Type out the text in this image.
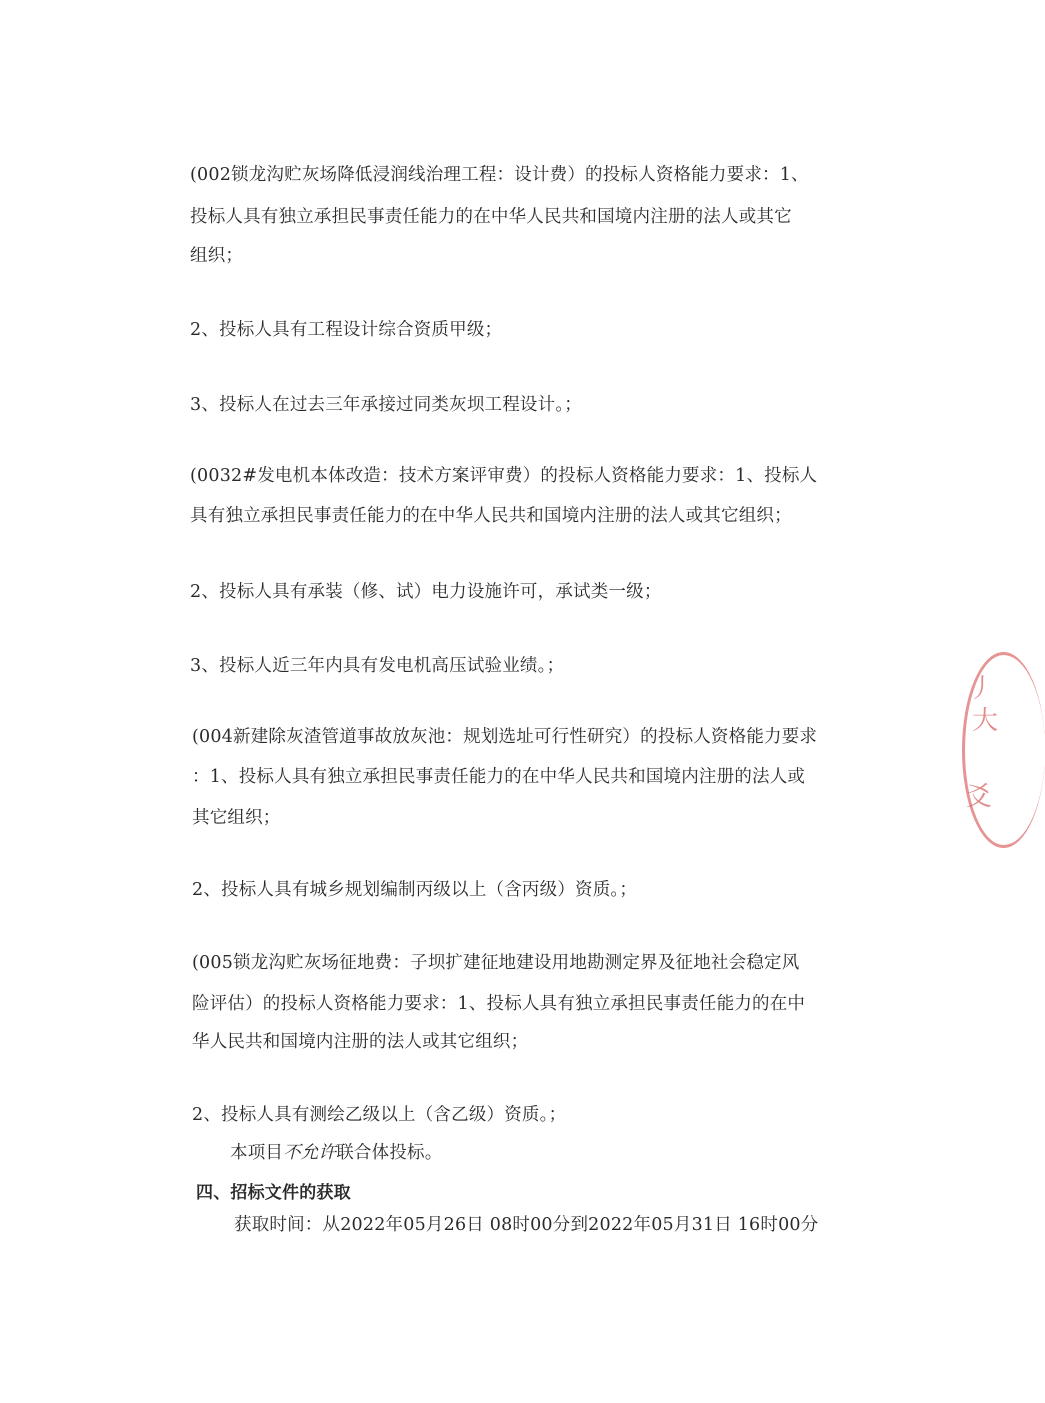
(002锁龙沟贮灰场降低浸润线治理工程：设计费）的投标人资格能力要求：1、
投标人具有独立承担民事责任能力的在中华人民共和国境内注册的法人或其它
组织；
2、投标人具有工程设计综合资质甲级；
3、投标人在过去三年承接过同类灰坝工程设计。；
(0032#发电机本体改造：技术方案评审费）的投标人资格能力要求：1、投标人
具有独立承担民事责任能力的在中华人民共和国境内注册的法人或其它组织；
2、投标人具有承装（修、试）电力设施许可，承试类一级；
3、投标人近三年内具有发电机高压试验业绩。；
(004新建除灰渣管道事故放灰池：规划选址可行性研究）的投标人资格能力要求
：1、投标人具有独立承担民事责任能力的在中华人民共和国境内注册的法人或
其它组织；
2、投标人具有城乡规划编制丙级以上（含丙级）资质。；
(005锁龙沟贮灰场征地费：子坝扩建征地建设用地勘测定界及征地社会稳定风
险评估）的投标人资格能力要求：1、投标人具有独立承担民事责任能力的在中
华人民共和国境内注册的法人或其它组织；
2、投标人具有测绘乙级以上（含乙级）资质。；
本项目不允许联合体投标。
四、招标文件的获取
获取时间：从2022年05月26日 08时00分到2022年05月31日 16时00分
丿
大
爻
